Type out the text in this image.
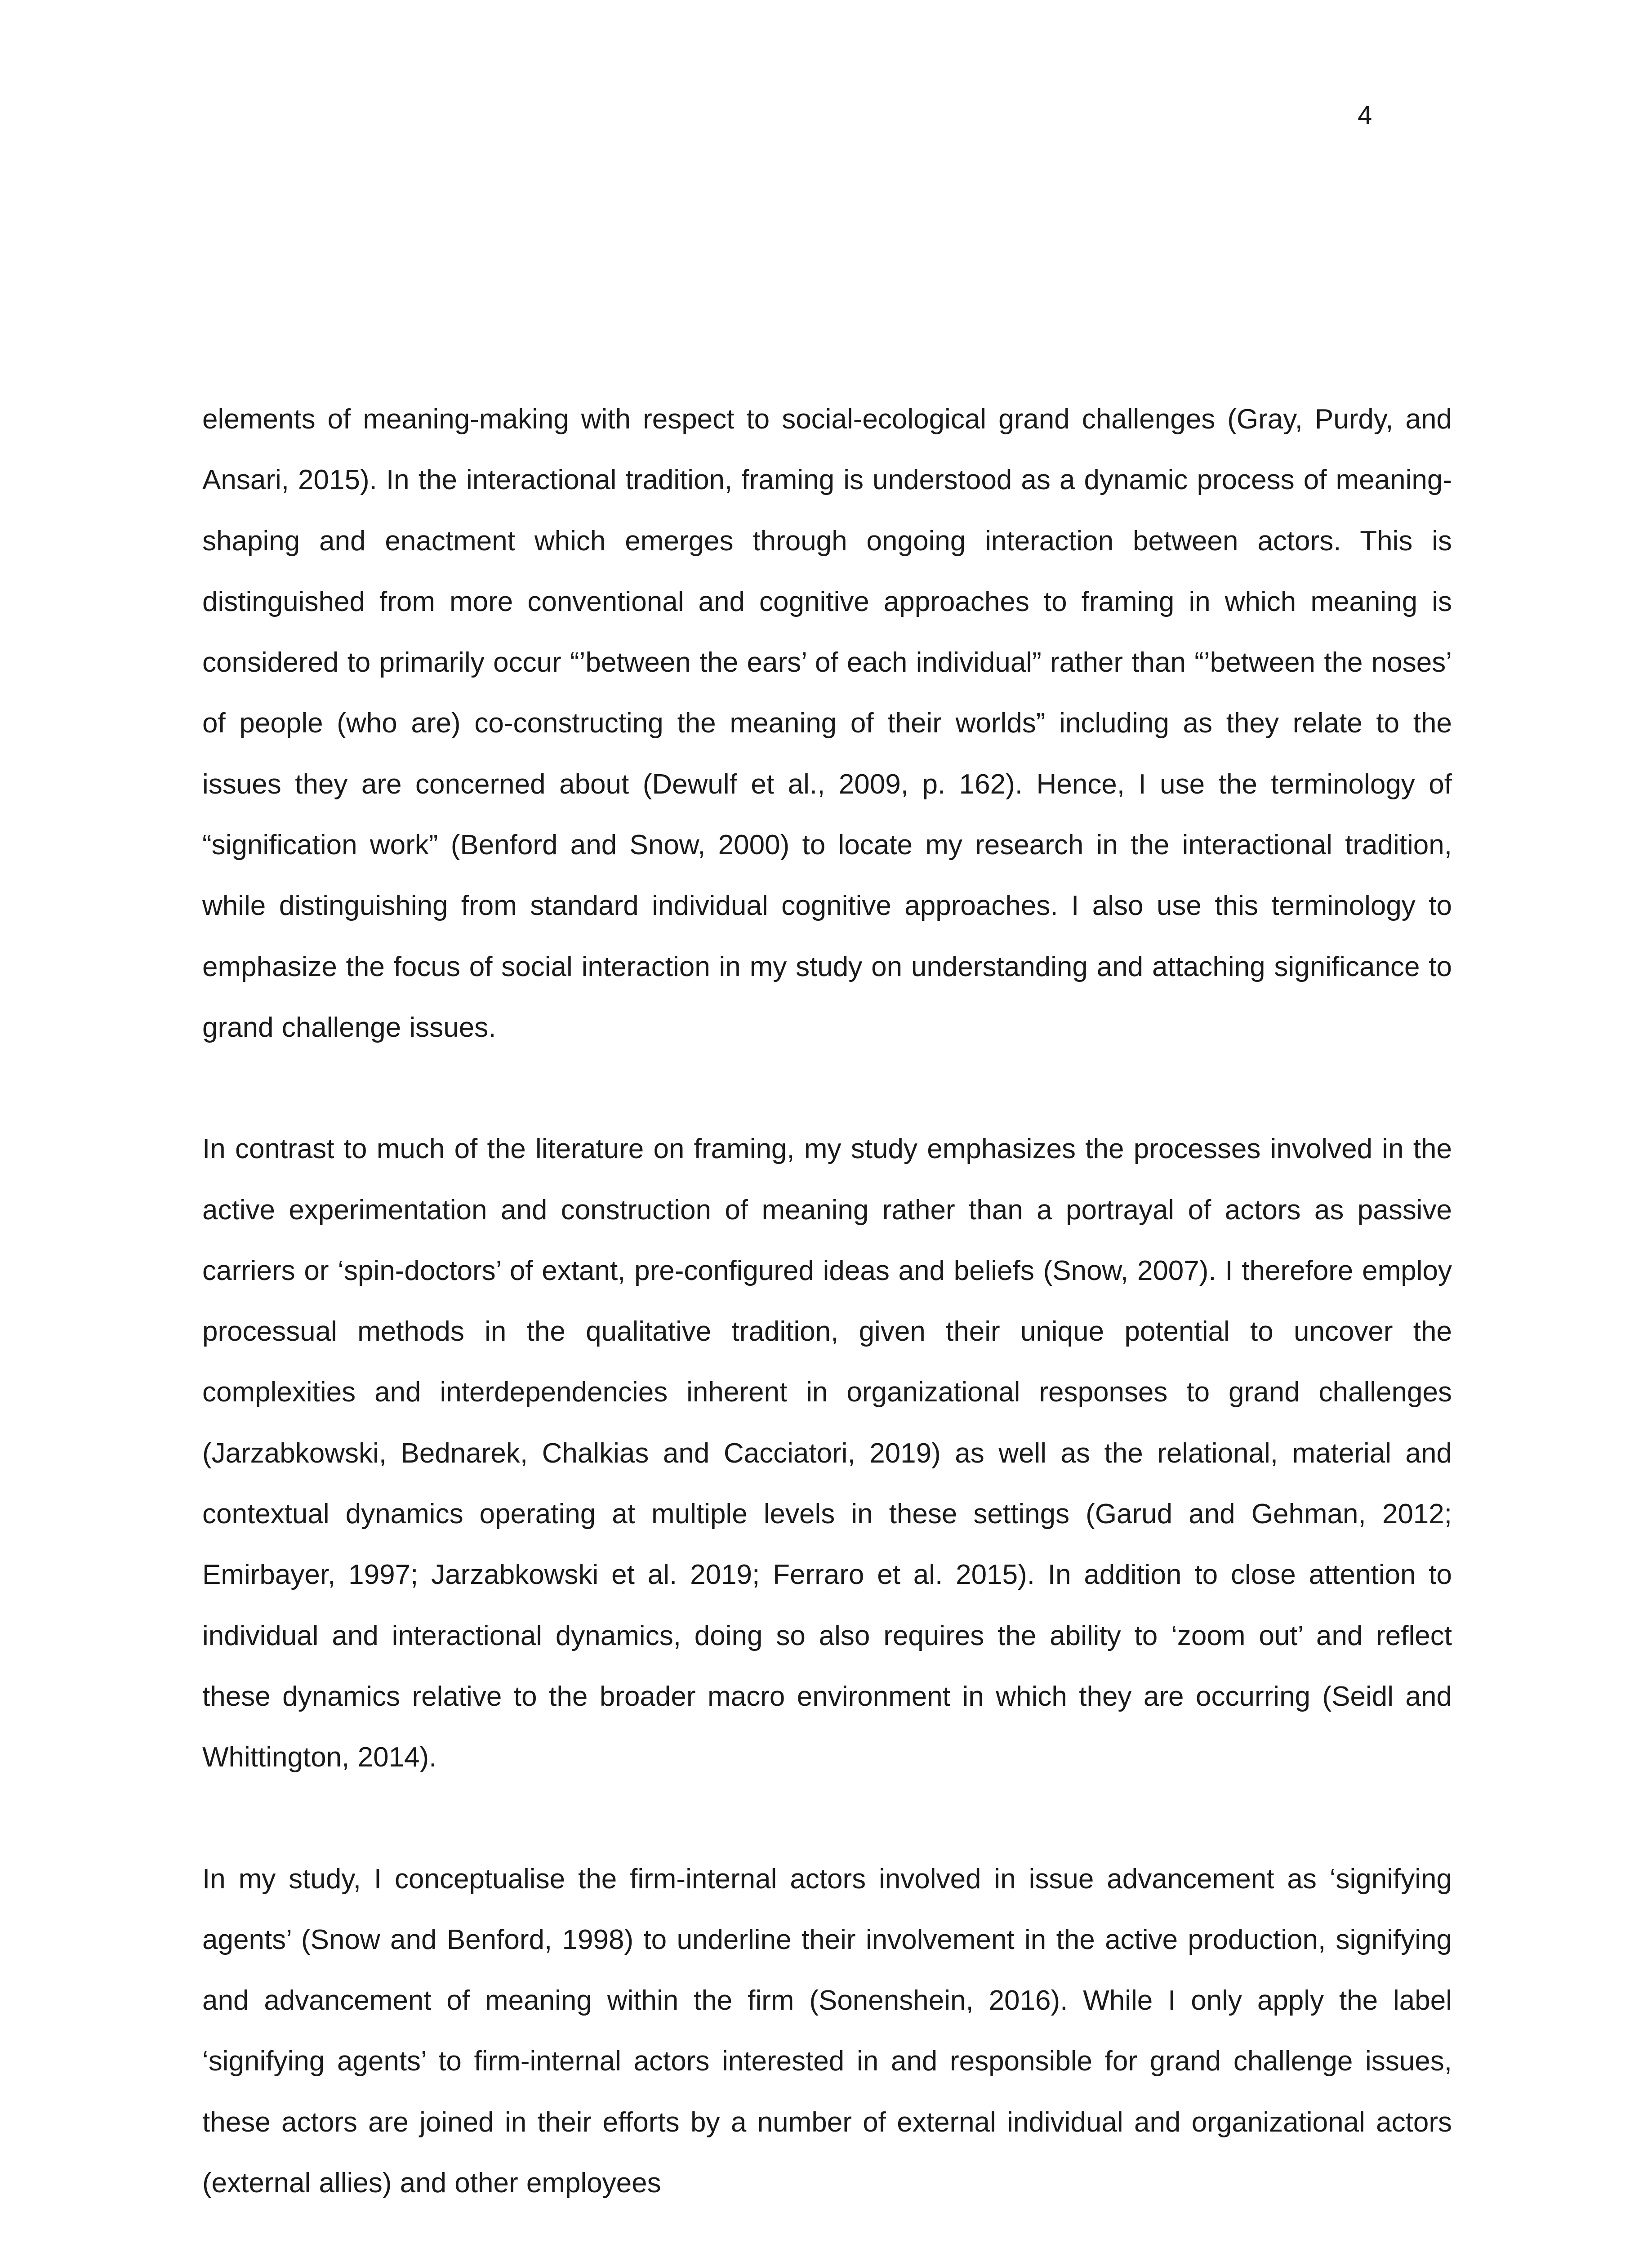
4

elements of meaning-making with respect to social-ecological grand challenges (Gray, Purdy, and Ansari, 2015). In the interactional tradition, framing is understood as a dynamic process of meaning-shaping and enactment which emerges through ongoing interaction between actors. This is distinguished from more conventional and cognitive approaches to framing in which meaning is considered to primarily occur “’between the ears’ of each individual” rather than “’between the noses’ of people (who are) co-constructing the meaning of their worlds” including as they relate to the issues they are concerned about (Dewulf et al., 2009, p. 162). Hence, I use the terminology of “signification work” (Benford and Snow, 2000) to locate my research in the interactional tradition, while distinguishing from standard individual cognitive approaches. I also use this terminology to emphasize the focus of social interaction in my study on understanding and attaching significance to grand challenge issues.

In contrast to much of the literature on framing, my study emphasizes the processes involved in the active experimentation and construction of meaning rather than a portrayal of actors as passive carriers or ‘spin-doctors’ of extant, pre-configured ideas and beliefs (Snow, 2007). I therefore employ processual methods in the qualitative tradition, given their unique potential to uncover the complexities and interdependencies inherent in organizational responses to grand challenges (Jarzabkowski, Bednarek, Chalkias and Cacciatori, 2019) as well as the relational, material and contextual dynamics operating at multiple levels in these settings (Garud and Gehman, 2012; Emirbayer, 1997; Jarzabkowski et al. 2019; Ferraro et al. 2015). In addition to close attention to individual and interactional dynamics, doing so also requires the ability to ‘zoom out’ and reflect these dynamics relative to the broader macro environment in which they are occurring (Seidl and Whittington, 2014).

In my study, I conceptualise the firm-internal actors involved in issue advancement as ‘signifying agents’ (Snow and Benford, 1998) to underline their involvement in the active production, signifying and advancement of meaning within the firm (Sonenshein, 2016). While I only apply the label ‘signifying agents’ to firm-internal actors interested in and responsible for grand challenge issues, these actors are joined in their efforts by a number of external individual and organizational actors (external allies) and other employees
